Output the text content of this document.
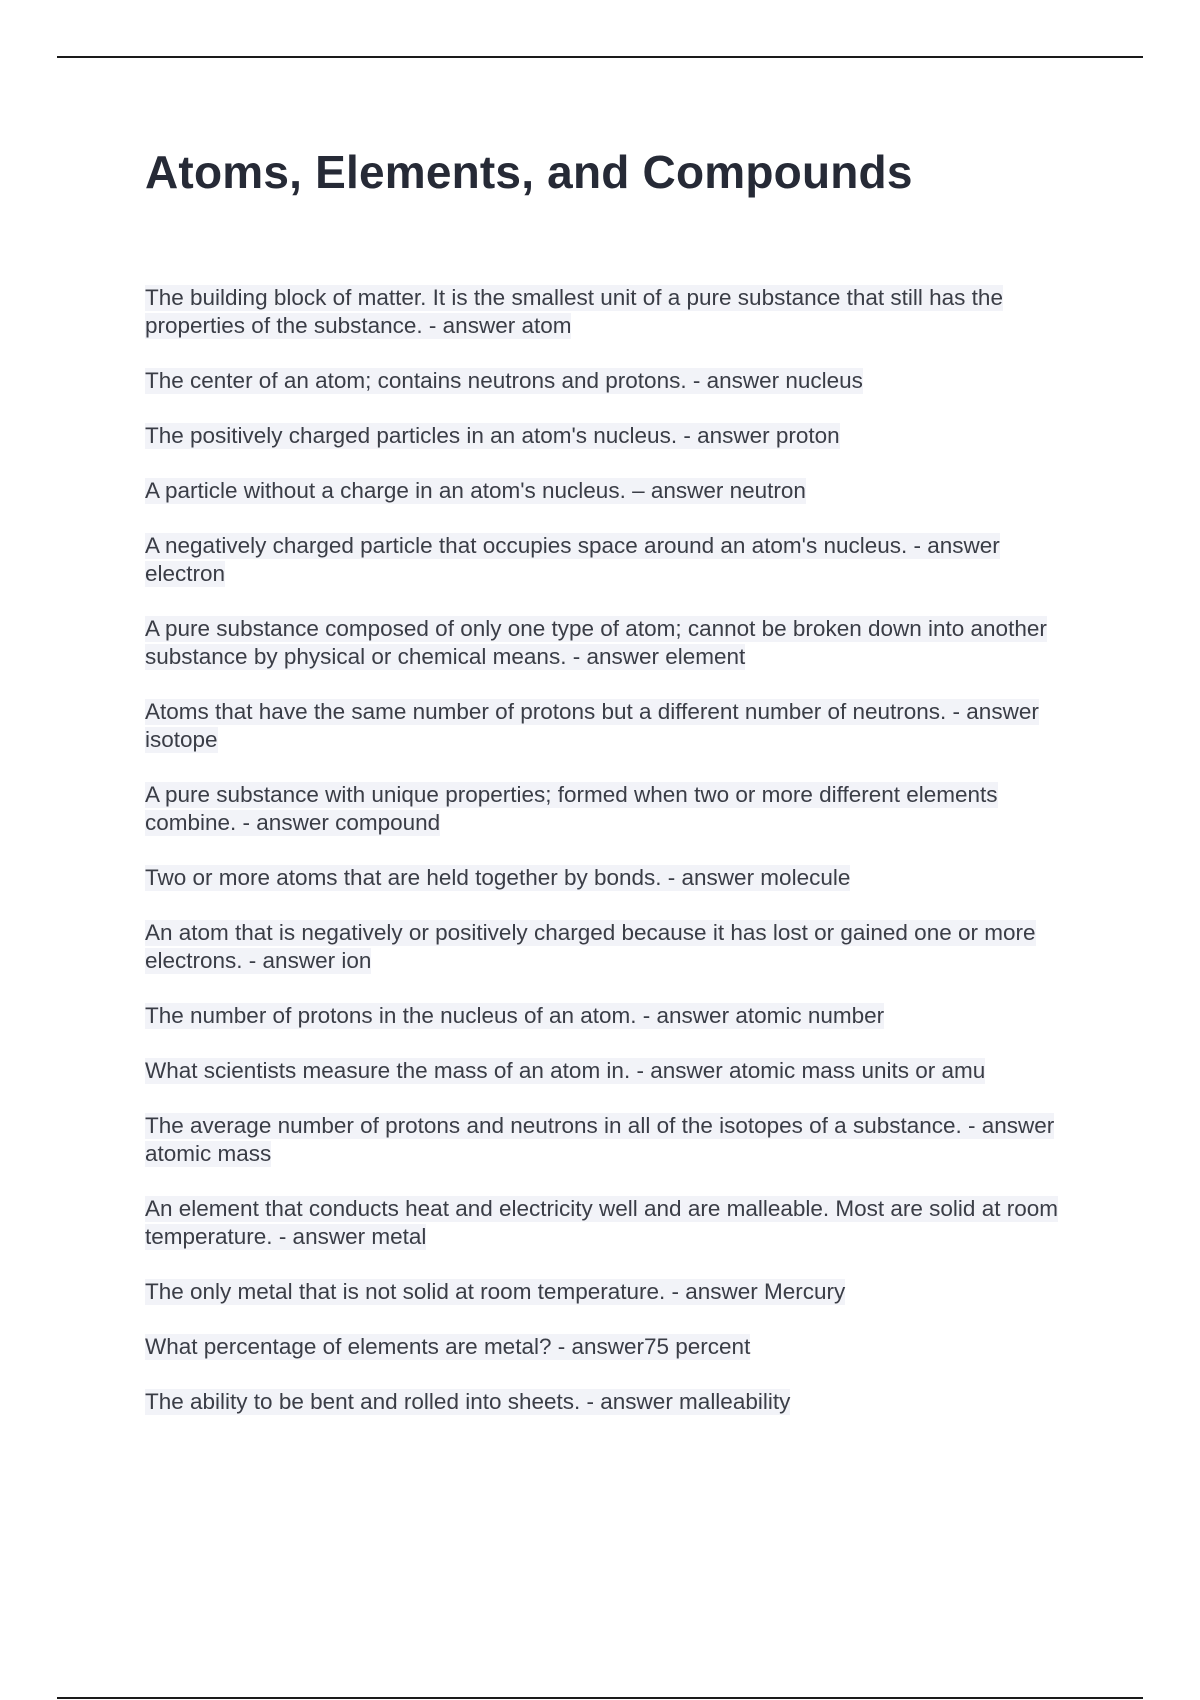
Atoms, Elements, and Compounds

The building block of matter. It is the smallest unit of a pure substance that still has the properties of the substance. - answer atom

The center of an atom; contains neutrons and protons. - answer nucleus

The positively charged particles in an atom's nucleus. - answer proton

A particle without a charge in an atom's nucleus. – answer neutron

A negatively charged particle that occupies space around an atom's nucleus. - answer electron

A pure substance composed of only one type of atom; cannot be broken down into another substance by physical or chemical means. - answer element

Atoms that have the same number of protons but a different number of neutrons. - answer isotope

A pure substance with unique properties; formed when two or more different elements combine. - answer compound

Two or more atoms that are held together by bonds. - answer molecule

An atom that is negatively or positively charged because it has lost or gained one or more electrons. - answer ion

The number of protons in the nucleus of an atom. - answer atomic number

What scientists measure the mass of an atom in. - answer atomic mass units or amu

The average number of protons and neutrons in all of the isotopes of a substance. - answer atomic mass

An element that conducts heat and electricity well and are malleable. Most are solid at room temperature. - answer metal

The only metal that is not solid at room temperature. - answer Mercury

What percentage of elements are metal? - answer75 percent

The ability to be bent and rolled into sheets. - answer malleability
